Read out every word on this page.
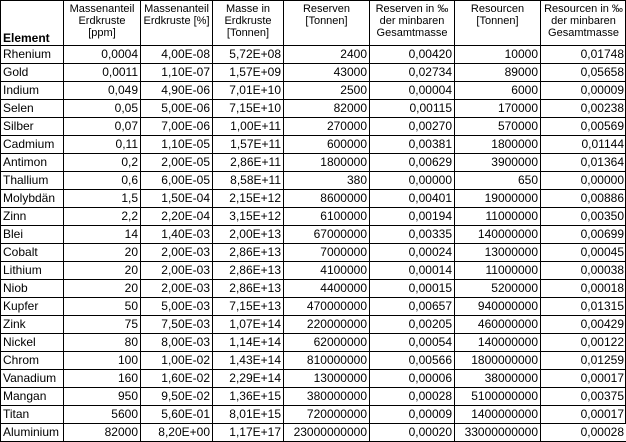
Element	Massenanteil Erdkruste [ppm]	Massenanteil Erdkruste [%]	Masse in Erdkruste [Tonnen]	Reserven [Tonnen]	Reserven in ‰ der minbaren Gesamtmasse	Resourcen [Tonnen]	Resourcen in ‰ der minbaren Gesamtmasse
Rhenium	0,0004	4,00E-08	5,72E+08	2400	0,00420	10000	0,01748
Gold	0,0011	1,10E-07	1,57E+09	43000	0,02734	89000	0,05658
Indium	0,049	4,90E-06	7,01E+10	2500	0,00004	6000	0,00009
Selen	0,05	5,00E-06	7,15E+10	82000	0,00115	170000	0,00238
Silber	0,07	7,00E-06	1,00E+11	270000	0,00270	570000	0,00569
Cadmium	0,11	1,10E-05	1,57E+11	600000	0,00381	1800000	0,01144
Antimon	0,2	2,00E-05	2,86E+11	1800000	0,00629	3900000	0,01364
Thallium	0,6	6,00E-05	8,58E+11	380	0,00000	650	0,00000
Molybdän	1,5	1,50E-04	2,15E+12	8600000	0,00401	19000000	0,00886
Zinn	2,2	2,20E-04	3,15E+12	6100000	0,00194	11000000	0,00350
Blei	14	1,40E-03	2,00E+13	67000000	0,00335	140000000	0,00699
Cobalt	20	2,00E-03	2,86E+13	7000000	0,00024	13000000	0,00045
Lithium	20	2,00E-03	2,86E+13	4100000	0,00014	11000000	0,00038
Niob	20	2,00E-03	2,86E+13	4400000	0,00015	5200000	0,00018
Kupfer	50	5,00E-03	7,15E+13	470000000	0,00657	940000000	0,01315
Zink	75	7,50E-03	1,07E+14	220000000	0,00205	460000000	0,00429
Nickel	80	8,00E-03	1,14E+14	62000000	0,00054	140000000	0,00122
Chrom	100	1,00E-02	1,43E+14	810000000	0,00566	1800000000	0,01259
Vanadium	160	1,60E-02	2,29E+14	13000000	0,00006	38000000	0,00017
Mangan	950	9,50E-02	1,36E+15	380000000	0,00028	5100000000	0,00375
Titan	5600	5,60E-01	8,01E+15	720000000	0,00009	1400000000	0,00017
Aluminium	82000	8,20E+00	1,17E+17	23000000000	0,00020	33000000000	0,00028
